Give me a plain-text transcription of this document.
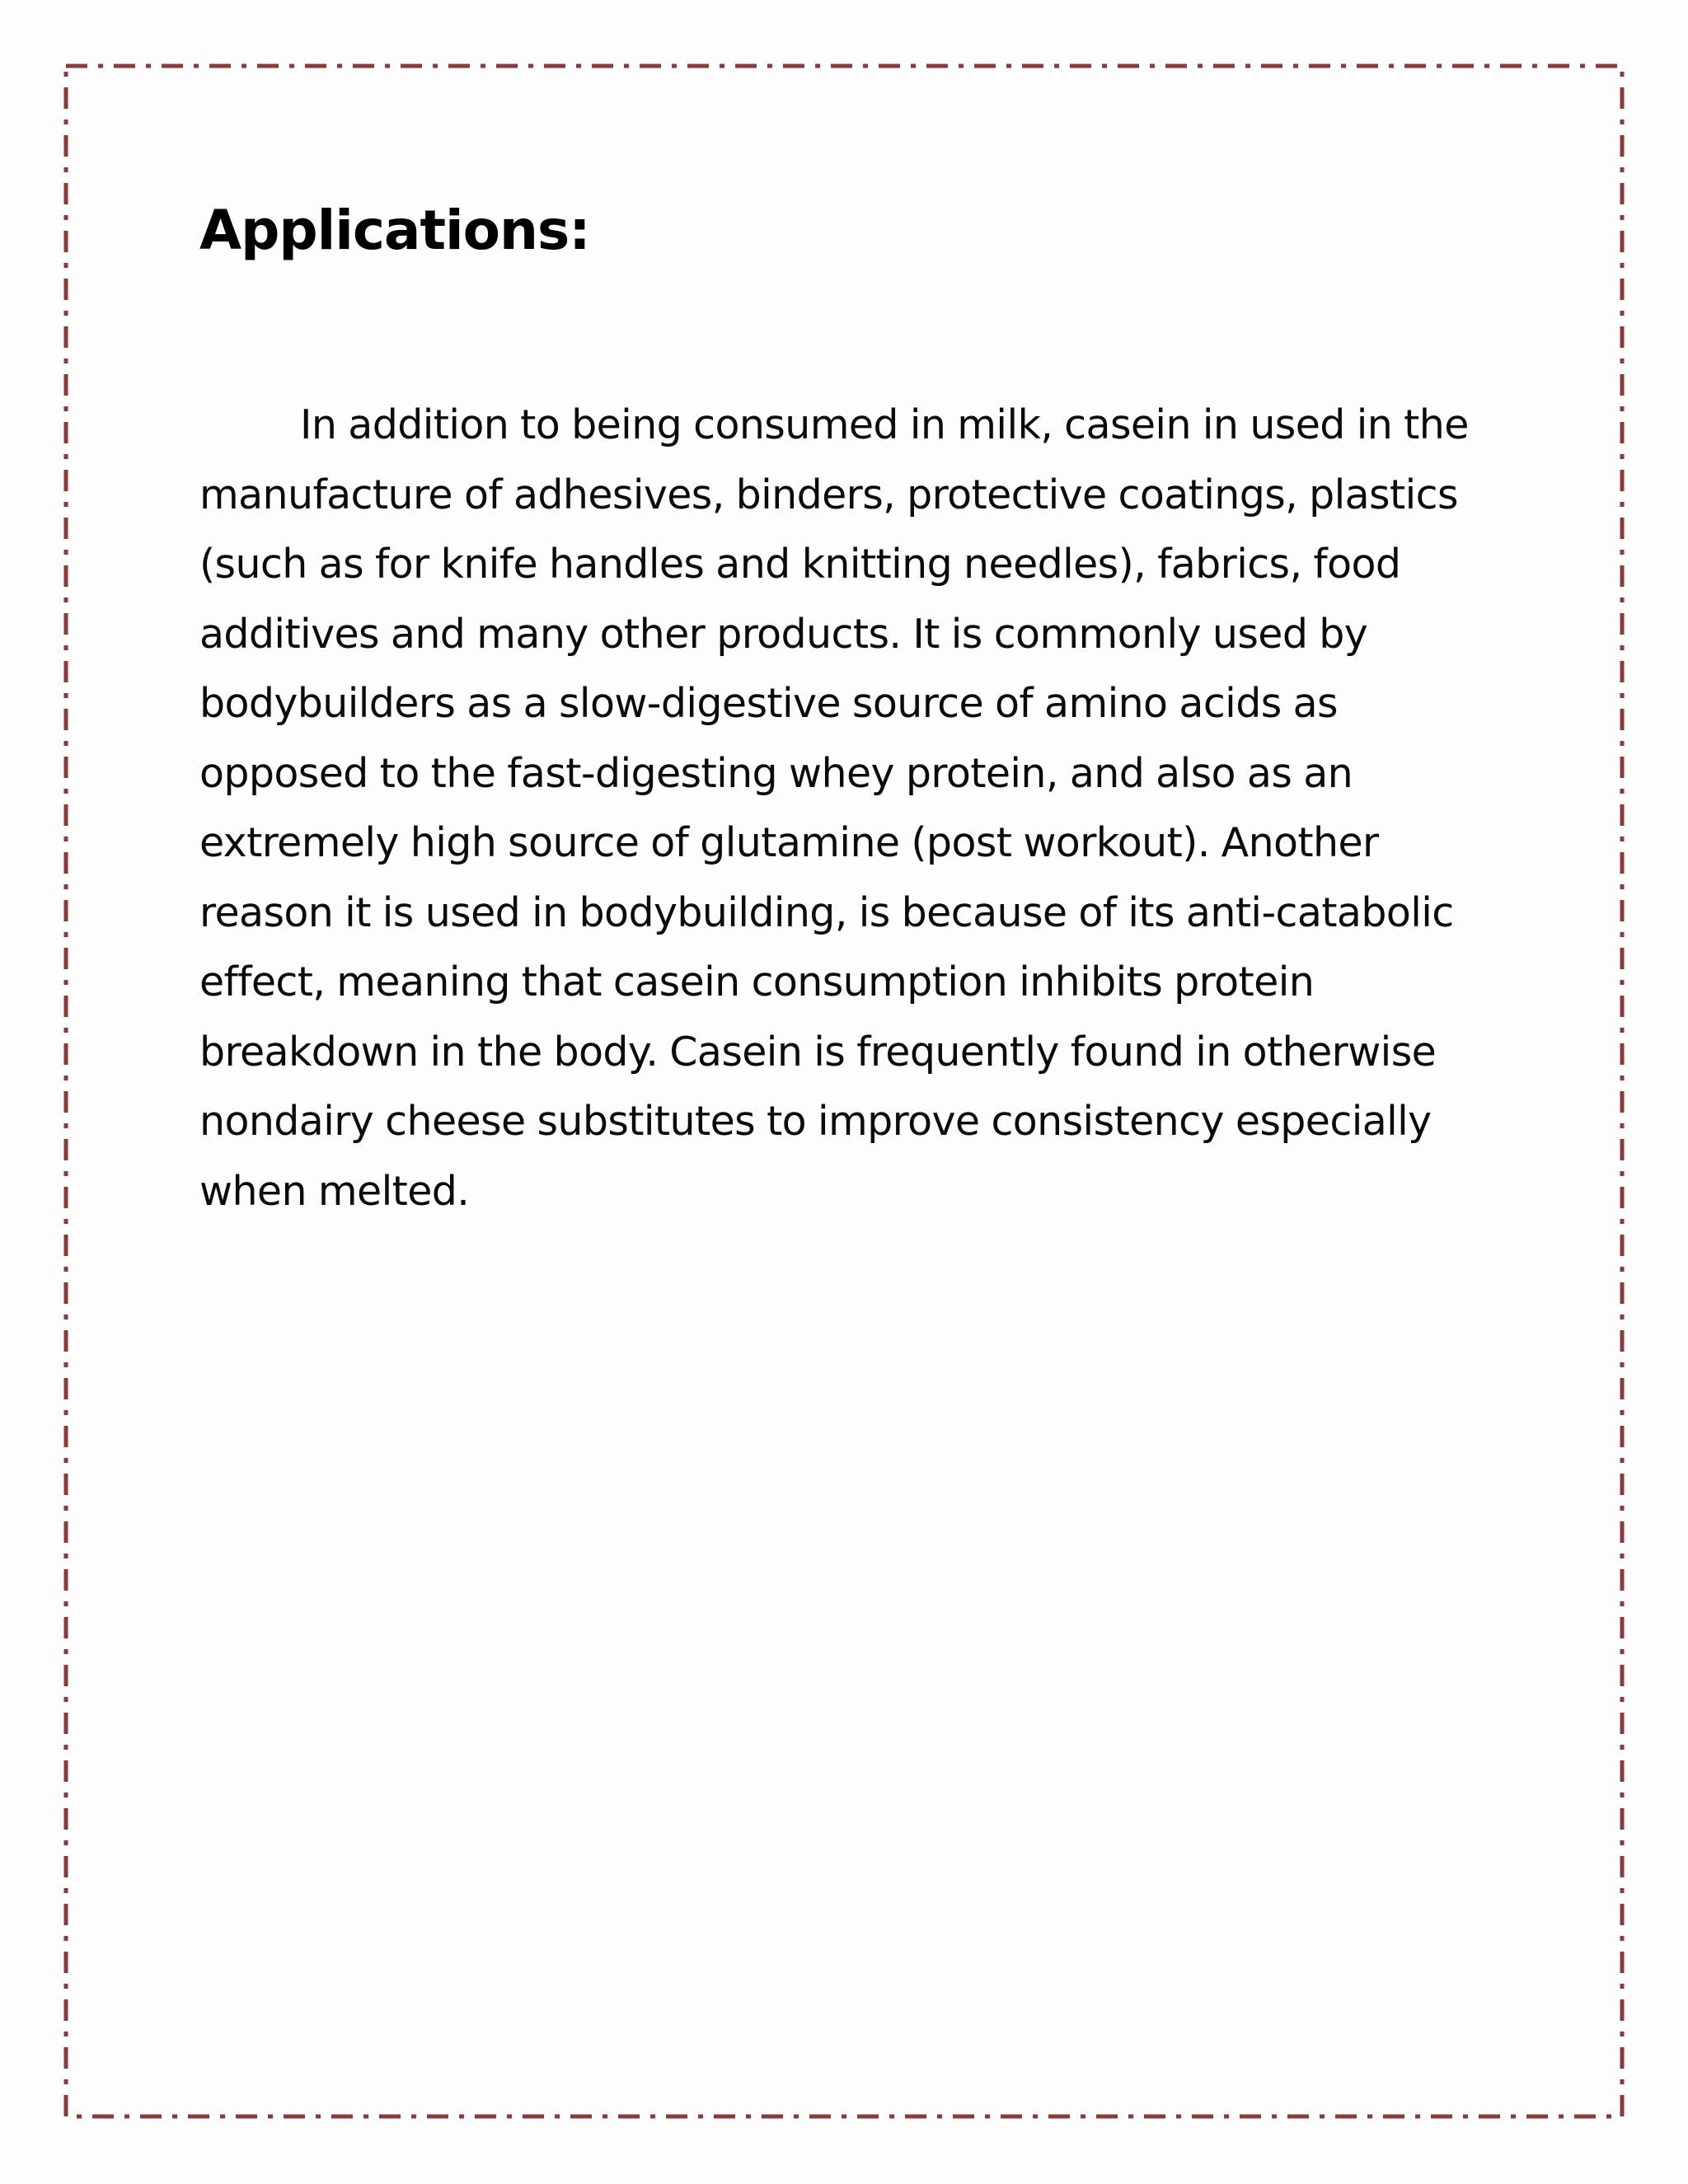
Applications:

In addition to being consumed in milk, casein in used in the manufacture of adhesives, binders, protective coatings, plastics (such as for knife handles and knitting needles), fabrics, food additives and many other products. It is commonly used by bodybuilders as a slow-digestive source of amino acids as opposed to the fast-digesting whey protein, and also as an extremely high source of glutamine (post workout). Another reason it is used in bodybuilding, is because of its anti-catabolic effect, meaning that casein consumption inhibits protein breakdown in the body. Casein is frequently found in otherwise nondairy cheese substitutes to improve consistency especially when melted.
